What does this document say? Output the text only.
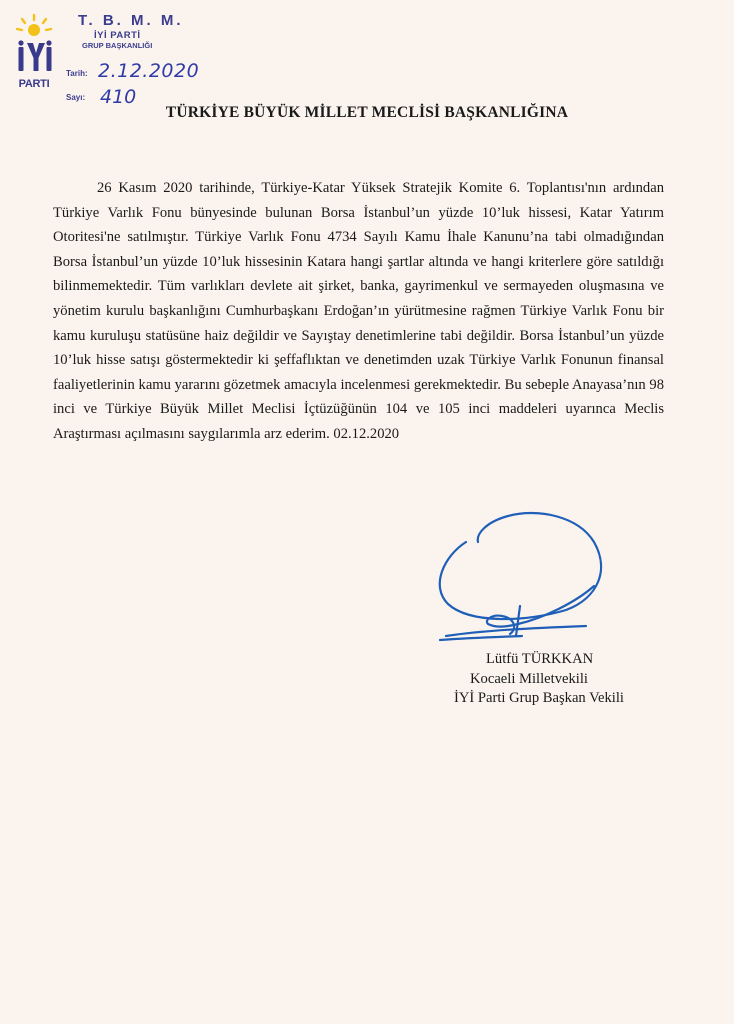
PARTI
T. B. M. M.
İYİ PARTİ
GRUP BAŞKANLIĞI
Tarih: 2.12.2020
Sayı: 410
TÜRKİYE BÜYÜK MİLLET MECLİSİ BAŞKANLIĞINA

26 Kasım 2020 tarihinde, Türkiye-Katar Yüksek Stratejik Komite 6. Toplantısı'nın ardından Türkiye Varlık Fonu bünyesinde bulunan Borsa İstanbul’un yüzde 10’luk hissesi, Katar Yatırım Otoritesi'ne satılmıştır. Türkiye Varlık Fonu 4734 Sayılı Kamu İhale Kanunu’na tabi olmadığından Borsa İstanbul’un yüzde 10’luk hissesinin Katara hangi şartlar altında ve hangi kriterlere göre satıldığı bilinmemektedir. Tüm varlıkları devlete ait şirket, banka, gayrimenkul ve sermayeden oluşmasına ve yönetim kurulu başkanlığını Cumhurbaşkanı Erdoğan’ın yürütmesine rağmen Türkiye Varlık Fonu bir kamu kuruluşu statüsüne haiz değildir ve Sayıştay denetimlerine tabi değildir. Borsa İstanbul’un yüzde 10’luk hisse satışı göstermektedir ki şeffaflıktan ve denetimden uzak Türkiye Varlık Fonunun finansal faaliyetlerinin kamu yararını gözetmek amacıyla incelenmesi gerekmektedir. Bu sebeple Anayasa’nın 98 inci ve Türkiye Büyük Millet Meclisi İçtüzüğünün 104 ve 105 inci maddeleri uyarınca Meclis Araştırması açılmasını saygılarımla arz ederim. 02.12.2020

Lütfü TÜRKKAN
Kocaeli Milletvekili
İYİ Parti Grup Başkan Vekili
